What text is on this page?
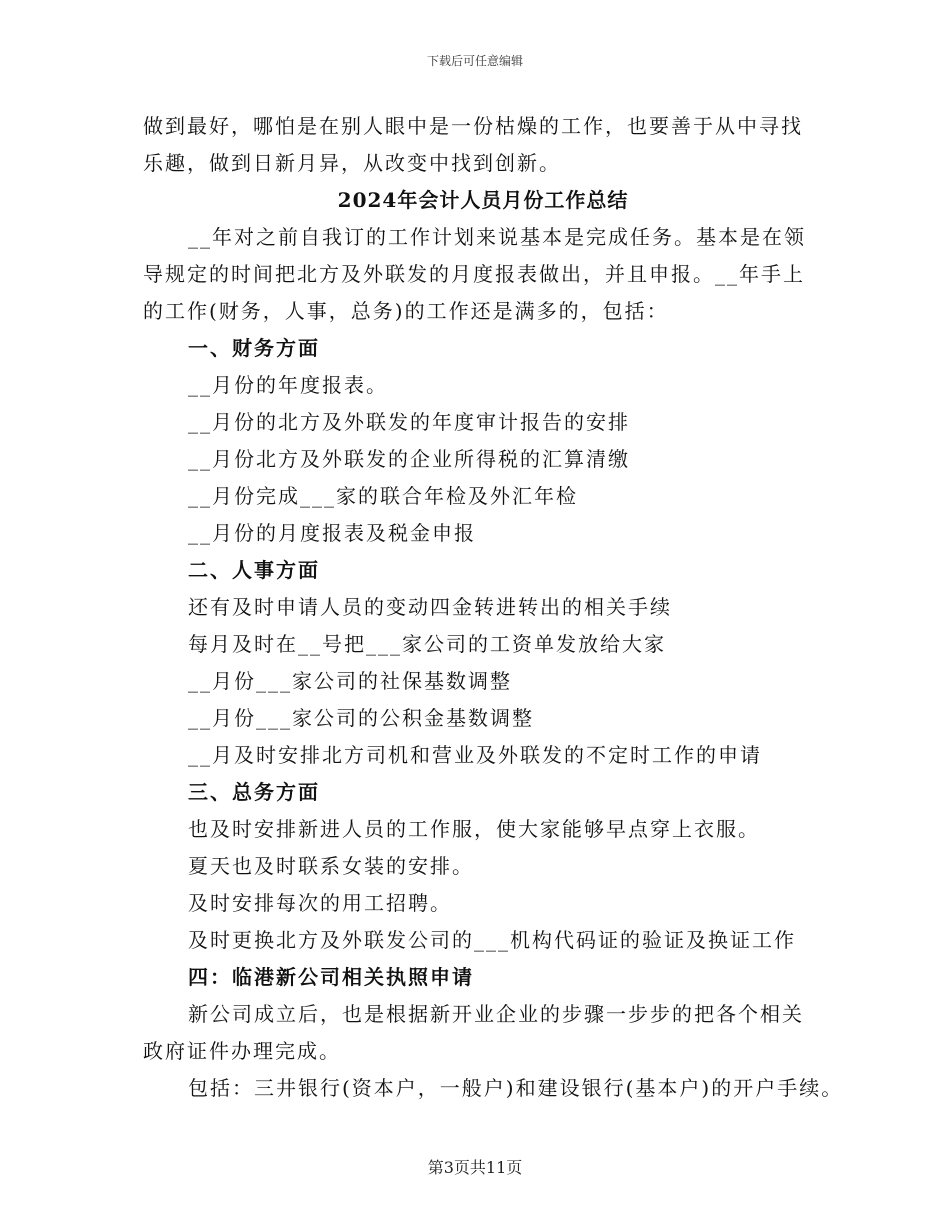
下载后可任意编辑
做到最好，哪怕是在别人眼中是一份枯燥的工作，也要善于从中寻找
乐趣，做到日新月异，从改变中找到创新。
2024年会计人员月份工作总结
__年对之前自我订的工作计划来说基本是完成任务。基本是在领
导规定的时间把北方及外联发的月度报表做出，并且申报。__年手上
的工作(财务，人事，总务)的工作还是满多的，包括：
一、财务方面
__月份的年度报表。
__月份的北方及外联发的年度审计报告的安排
__月份北方及外联发的企业所得税的汇算清缴
__月份完成___家的联合年检及外汇年检
__月份的月度报表及税金申报
二、人事方面
还有及时申请人员的变动四金转进转出的相关手续
每月及时在__号把___家公司的工资单发放给大家
__月份___家公司的社保基数调整
__月份___家公司的公积金基数调整
__月及时安排北方司机和营业及外联发的不定时工作的申请
三、总务方面
也及时安排新进人员的工作服，使大家能够早点穿上衣服。
夏天也及时联系女装的安排。
及时安排每次的用工招聘。
及时更换北方及外联发公司的___机构代码证的验证及换证工作
四：临港新公司相关执照申请
新公司成立后，也是根据新开业企业的步骤一步步的把各个相关
政府证件办理完成。
包括：三井银行(资本户，一般户)和建设银行(基本户)的开户手续。
第3页共11页
